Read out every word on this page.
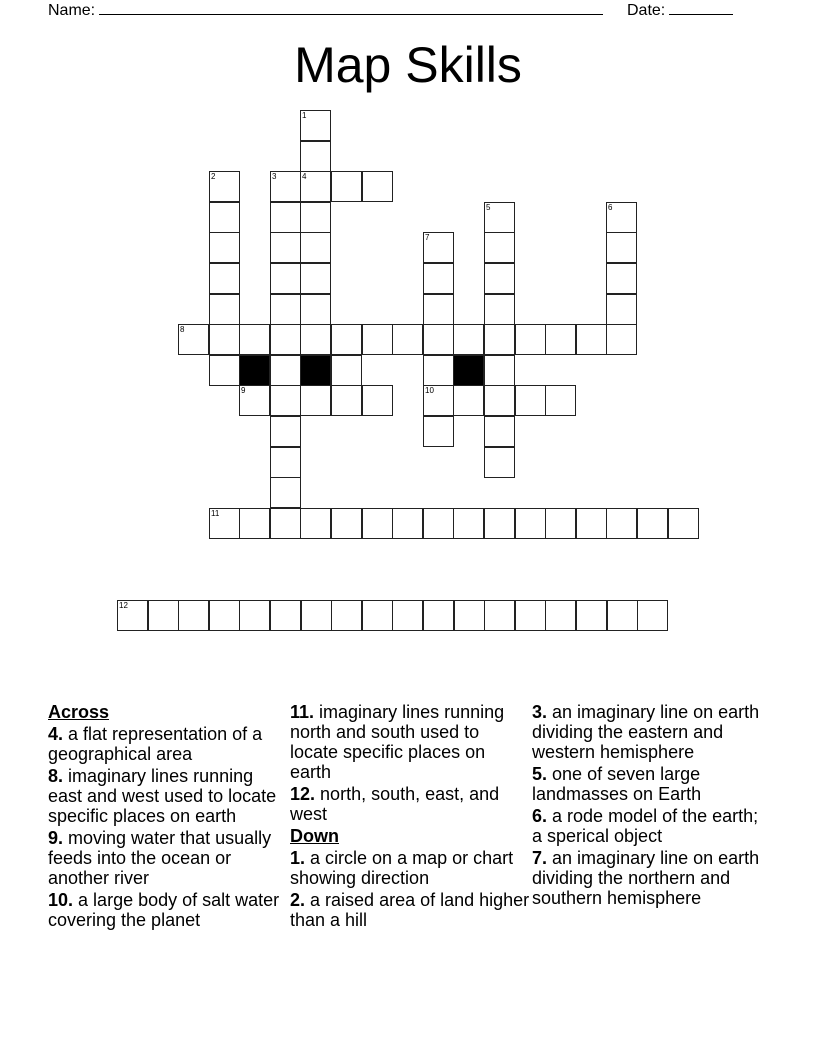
Name:	Date:
Map Skills
1
2	3	4
5	6
7
8
9	10
11
12
Across
4. a flat representation of a geographical area
8. imaginary lines running east and west used to locate specific places on earth
9. moving water that usually feeds into the ocean or another river
10. a large body of salt water covering the planet
11. imaginary lines running north and south used to locate specific places on earth
12. north, south, east, and west
Down
1. a circle on a map or chart showing direction
2. a raised area of land higher than a hill
3. an imaginary line on earth dividing the eastern and western hemisphere
5. one of seven large landmasses on Earth
6. a rode model of the earth; a sperical object
7. an imaginary line on earth dividing the northern and southern hemisphere
